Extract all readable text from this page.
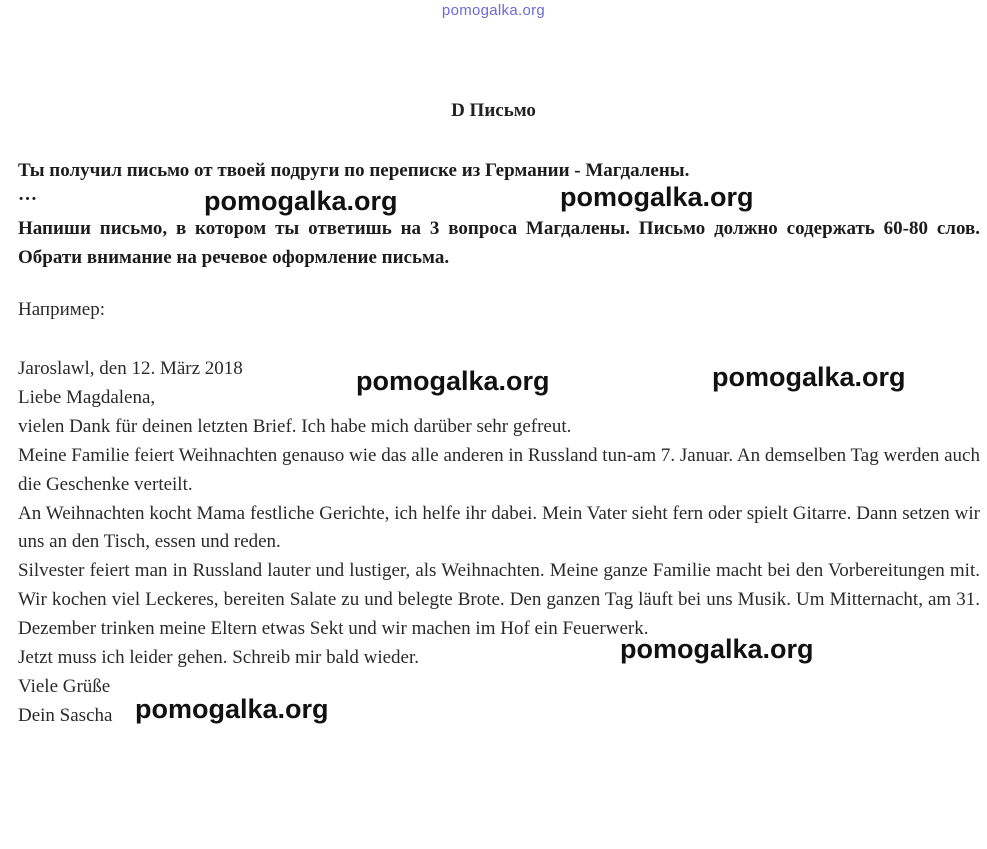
pomogalka.org
D Письмо
Ты получил письмо от твоей подруги по переписке из Германии - Магдалены.
…
Напиши письмо, в котором ты ответишь на 3 вопроса Магдалены. Письмо должно содержать 60-80 слов. Обрати внимание на речевое оформление письма.
Например:
Jaroslawl, den 12. März 2018
Liebe Magdalena,
vielen Dank für deinen letzten Brief. Ich habe mich darüber sehr gefreut.
Meine Familie feiert Weihnachten genauso wie das alle anderen in Russland tun-am 7. Januar. An demselben Tag werden auch die Geschenke verteilt.
An Weihnachten kocht Mama festliche Gerichte, ich helfe ihr dabei. Mein Vater sieht fern oder spielt Gitarre. Dann setzen wir uns an den Tisch, essen und reden.
Silvester feiert man in Russland lauter und lustiger, als Weihnachten. Meine ganze Familie macht bei den Vorbereitungen mit. Wir kochen viel Leckeres, bereiten Salate zu und belegte Brote. Den ganzen Tag läuft bei uns Musik. Um Mitternacht, am 31. Dezember trinken meine Eltern etwas Sekt und wir machen im Hof ein Feuerwerk.
Jetzt muss ich leider gehen. Schreib mir bald wieder.
Viele Grüße
Dein Sascha
pomogalka.org	pomogalka.org
pomogalka.org	pomogalka.org
pomogalka.org
pomogalka.org
